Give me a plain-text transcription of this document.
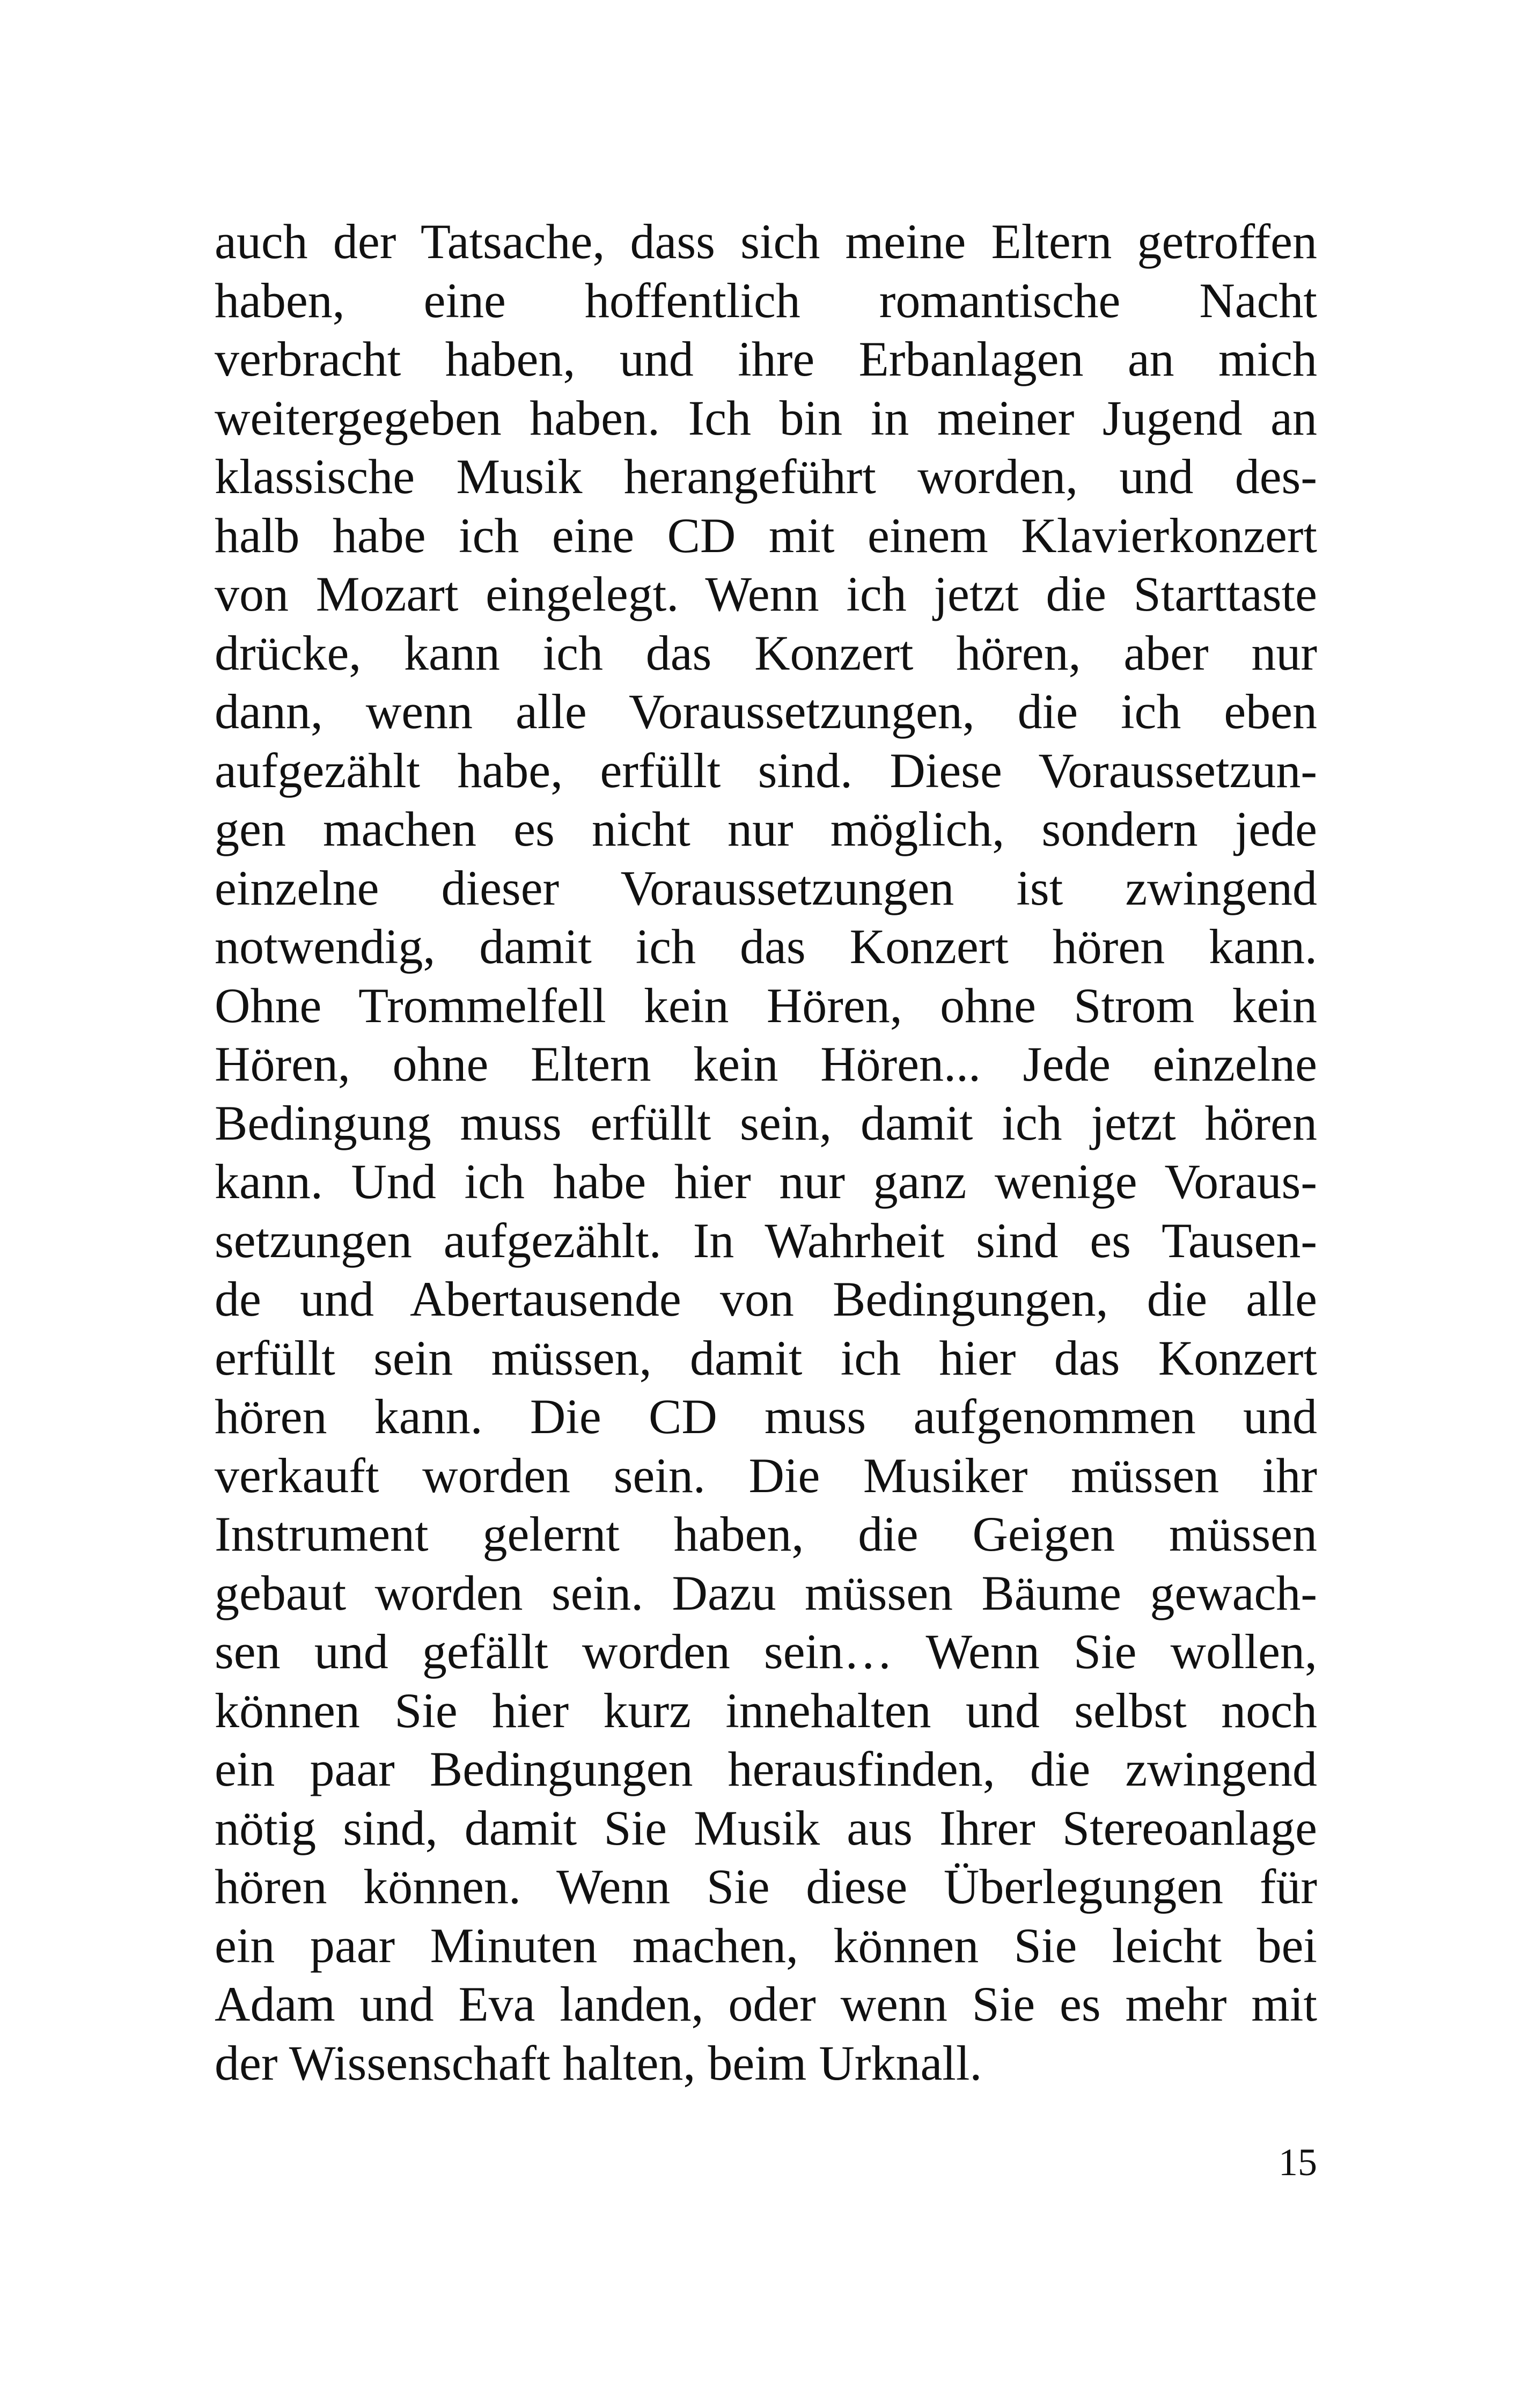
auch der Tatsache, dass sich meine Eltern getroffen
haben, eine hoffentlich romantische Nacht
verbracht haben, und ihre Erbanlagen an mich
weitergegeben haben. Ich bin in meiner Jugend an
klassische Musik herangeführt worden, und des-
halb habe ich eine CD mit einem Klavierkonzert
von Mozart eingelegt. Wenn ich jetzt die Starttaste
drücke, kann ich das Konzert hören, aber nur
dann, wenn alle Voraussetzungen, die ich eben
aufgezählt habe, erfüllt sind. Diese Voraussetzun-
gen machen es nicht nur möglich, sondern jede
einzelne dieser Voraussetzungen ist zwingend
notwendig, damit ich das Konzert hören kann.
Ohne Trommelfell kein Hören, ohne Strom kein
Hören, ohne Eltern kein Hören... Jede einzelne
Bedingung muss erfüllt sein, damit ich jetzt hören
kann. Und ich habe hier nur ganz wenige Voraus-
setzungen aufgezählt. In Wahrheit sind es Tausen-
de und Abertausende von Bedingungen, die alle
erfüllt sein müssen, damit ich hier das Konzert
hören kann. Die CD muss aufgenommen und
verkauft worden sein. Die Musiker müssen ihr
Instrument gelernt haben, die Geigen müssen
gebaut worden sein. Dazu müssen Bäume gewach-
sen und gefällt worden sein… Wenn Sie wollen,
können Sie hier kurz innehalten und selbst noch
ein paar Bedingungen herausfinden, die zwingend
nötig sind, damit Sie Musik aus Ihrer Stereoanlage
hören können. Wenn Sie diese Überlegungen für
ein paar Minuten machen, können Sie leicht bei
Adam und Eva landen, oder wenn Sie es mehr mit
der Wissenschaft halten, beim Urknall.
15
